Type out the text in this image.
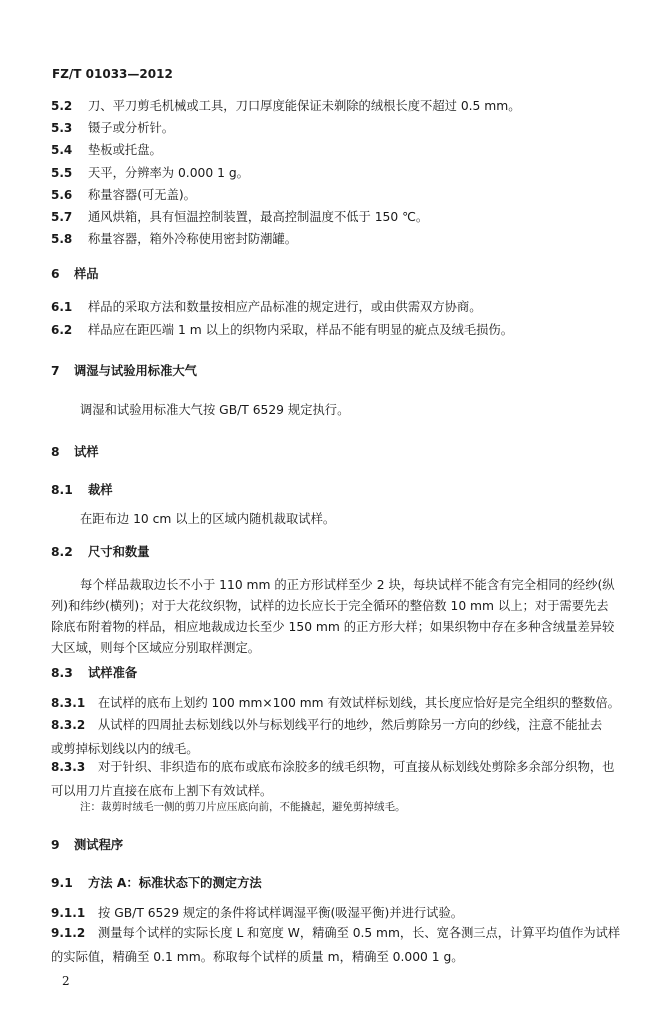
FZ/T 01033—2012
5.2 刀、平刀剪毛机械或工具，刀口厚度能保证未剃除的绒根长度不超过 0.5 mm。
5.3 镊子或分析针。
5.4 垫板或托盘。
5.5 天平，分辨率为 0.000 1 g。
5.6 称量容器(可无盖)。
5.7 通风烘箱，具有恒温控制装置，最高控制温度不低于 150 ℃。
5.8 称量容器，箱外冷称使用密封防潮罐。
6 样品
6.1 样品的采取方法和数量按相应产品标准的规定进行，或由供需双方协商。
6.2 样品应在距匹端 1 m 以上的织物内采取，样品不能有明显的疵点及绒毛损伤。
7 调湿与试验用标准大气
调湿和试验用标准大气按 GB/T 6529 规定执行。
8 试样
8.1 裁样
在距布边 10 cm 以上的区域内随机裁取试样。
8.2 尺寸和数量
每个样品裁取边长不小于 110 mm 的正方形试样至少 2 块，每块试样不能含有完全相同的经纱(纵
列)和纬纱(横列)；对于大花纹织物，试样的边长应长于完全循环的整倍数 10 mm 以上；对于需要先去
除底布附着物的样品，相应地裁成边长至少 150 mm 的正方形大样；如果织物中存在多种含绒量差异较
大区域，则每个区域应分别取样测定。
8.3 试样准备
8.3.1 在试样的底布上划约 100 mm×100 mm 有效试样标划线，其长度应恰好是完全组织的整数倍。
8.3.2 从试样的四周扯去标划线以外与标划线平行的地纱，然后剪除另一方向的纱线，注意不能扯去
或剪掉标划线以内的绒毛。
8.3.3 对于针织、非织造布的底布或底布涂胶多的绒毛织物，可直接从标划线处剪除多余部分织物，也
可以用刀片直接在底布上割下有效试样。
注：裁剪时绒毛一侧的剪刀片应压底向前，不能撬起，避免剪掉绒毛。
9 测试程序
9.1 方法 A：标准状态下的测定方法
9.1.1 按 GB/T 6529 规定的条件将试样调湿平衡(吸湿平衡)并进行试验。
9.1.2 测量每个试样的实际长度 L 和宽度 W，精确至 0.5 mm，长、宽各测三点，计算平均值作为试样
的实际值，精确至 0.1 mm。称取每个试样的质量 m，精确至 0.000 1 g。
2
